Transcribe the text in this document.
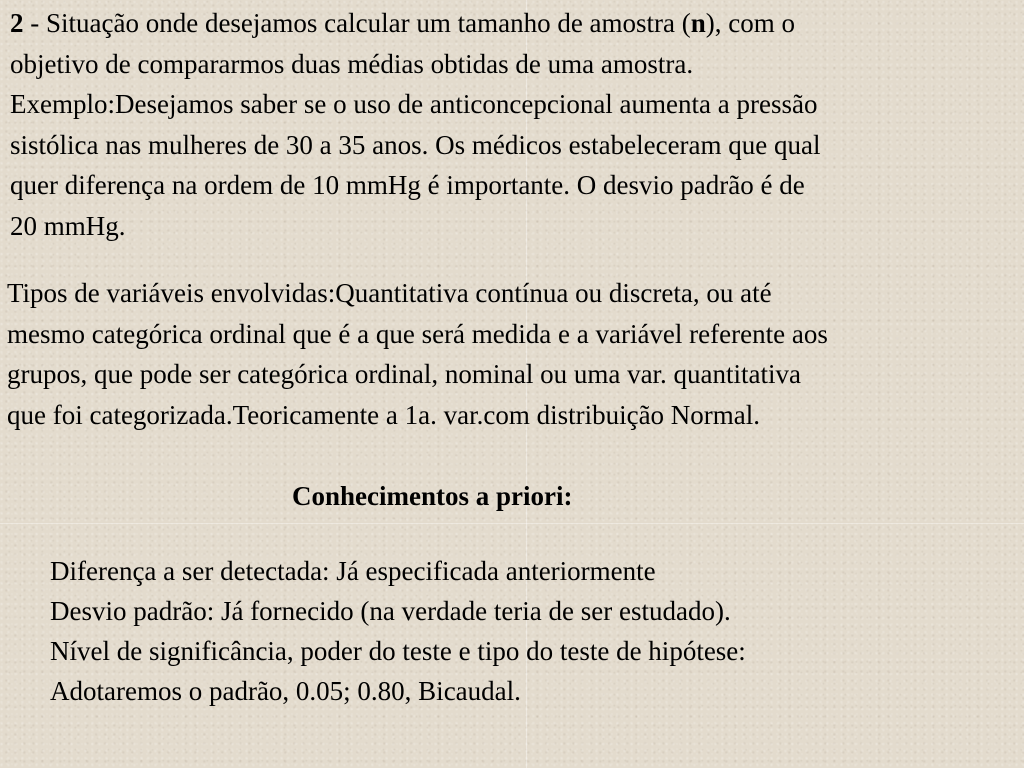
2 - Situação onde desejamos calcular um tamanho de amostra (n), com o
objetivo de compararmos duas médias obtidas de uma amostra.
Exemplo:Desejamos saber se o uso de anticoncepcional aumenta a pressão
sistólica nas mulheres de 30 a 35 anos. Os médicos estabeleceram que qual
quer diferença na ordem de 10 mmHg é importante. O desvio padrão é de
20 mmHg.
Tipos de variáveis envolvidas:Quantitativa contínua ou discreta, ou até
mesmo categórica ordinal que é a que será medida e a variável referente aos
grupos, que pode ser categórica ordinal, nominal ou uma var. quantitativa
que foi categorizada.Teoricamente a 1a. var.com distribuição Normal.
Conhecimentos a priori:
Diferença a ser detectada: Já especificada anteriormente
Desvio padrão: Já fornecido (na verdade teria de ser estudado).
Nível de significância, poder do teste e tipo do teste de hipótese:
Adotaremos o padrão, 0.05; 0.80, Bicaudal.
